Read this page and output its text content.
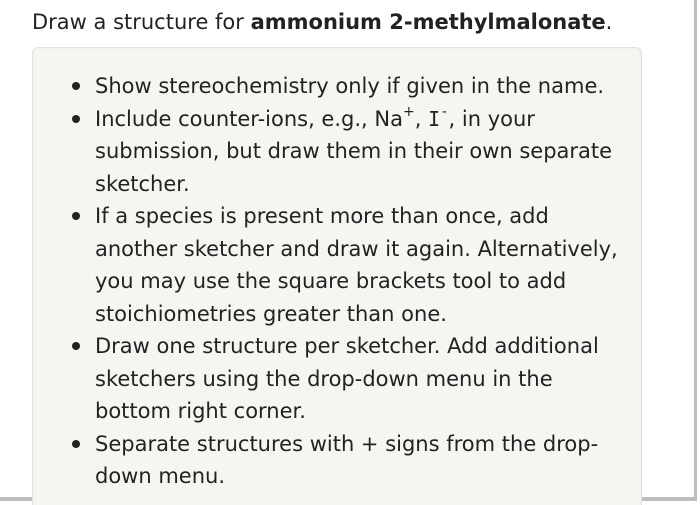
Draw a structure for ammonium 2-methylmalonate.
Show stereochemistry only if given in the name.
Include counter-ions, e.g., Na+, I-, in your submission, but draw them in their own separate sketcher.
If a species is present more than once, add another sketcher and draw it again. Alternatively, you may use the square brackets tool to add stoichiometries greater than one.
Draw one structure per sketcher. Add additional sketchers using the drop-down menu in the bottom right corner.
Separate structures with + signs from the drop-down menu.
